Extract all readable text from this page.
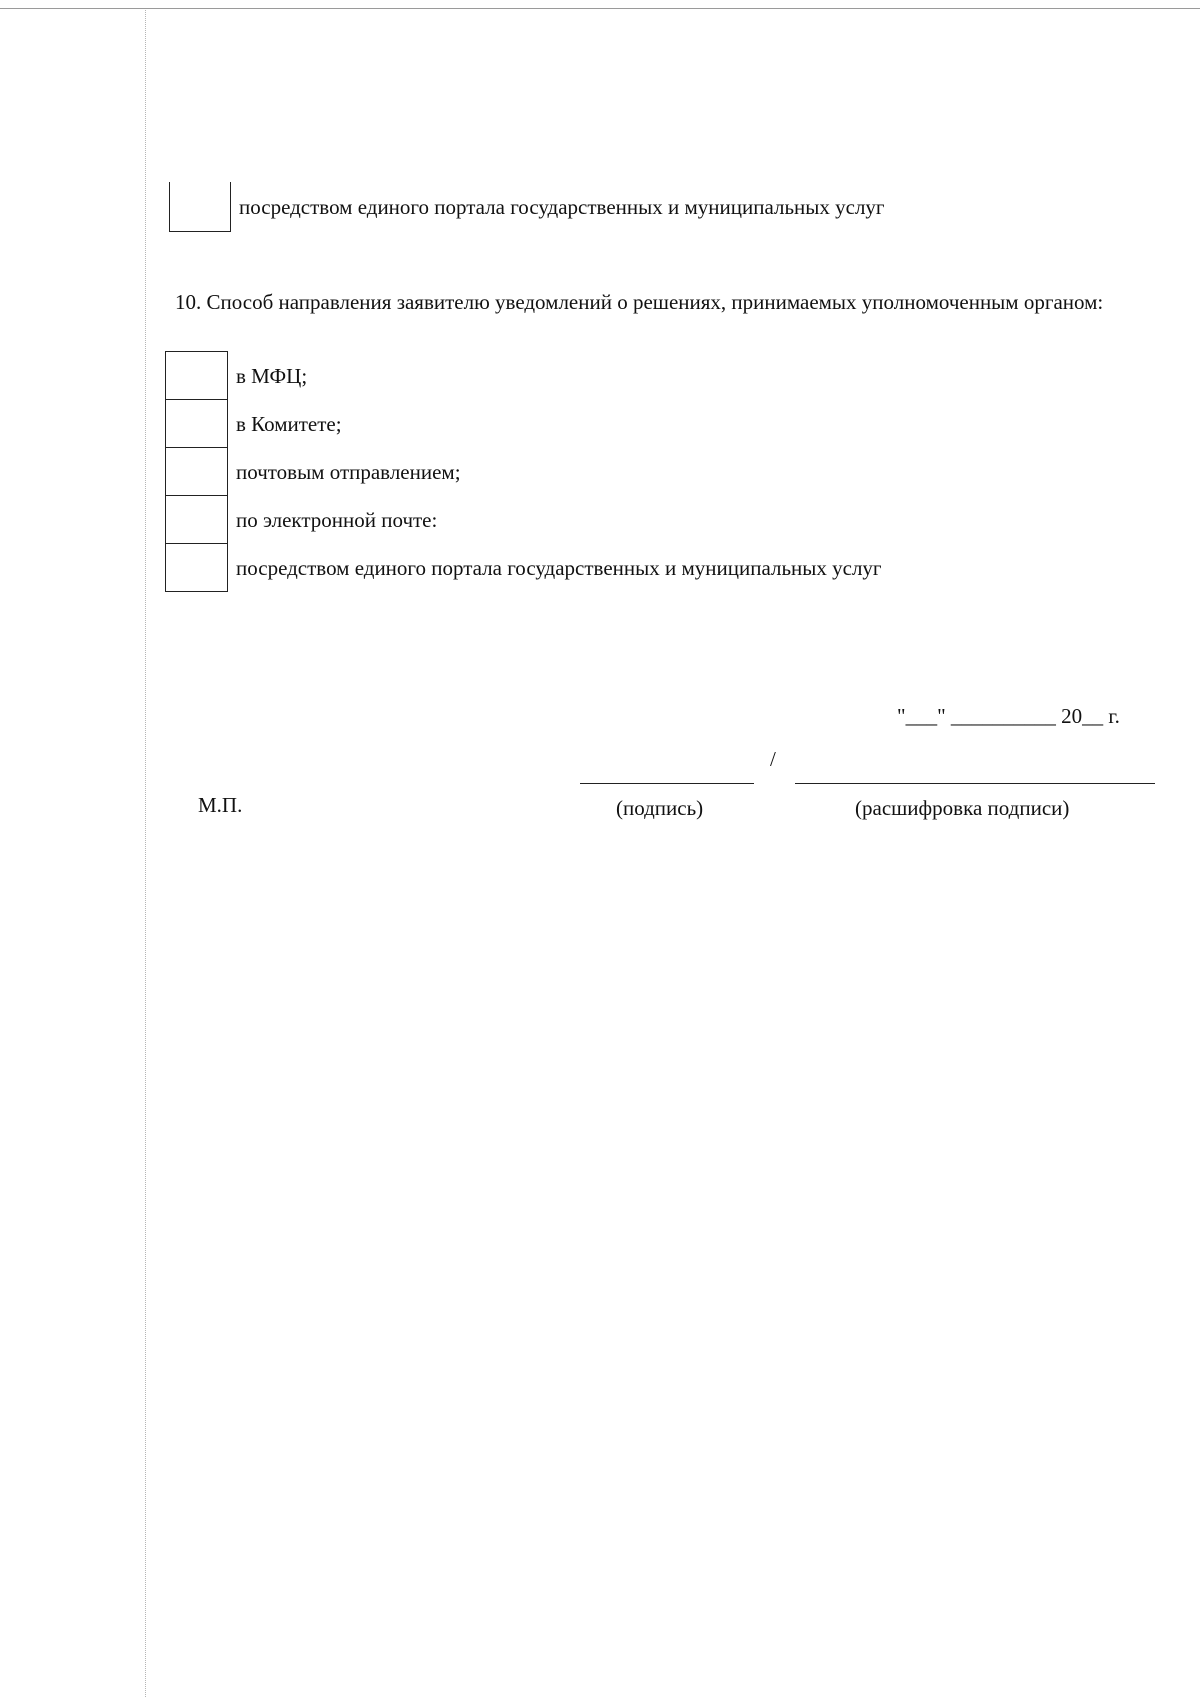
посредством единого портала государственных и муниципальных услуг
10. Способ направления заявителю уведомлений о решениях, принимаемых уполномоченным органом:
в МФЦ;
в Комитете;
почтовым отправлением;
по электронной почте:
посредством единого портала государственных и муниципальных услуг
"___" __________ 20__ г.
/
М.П.	(подпись)	(расшифровка подписи)
